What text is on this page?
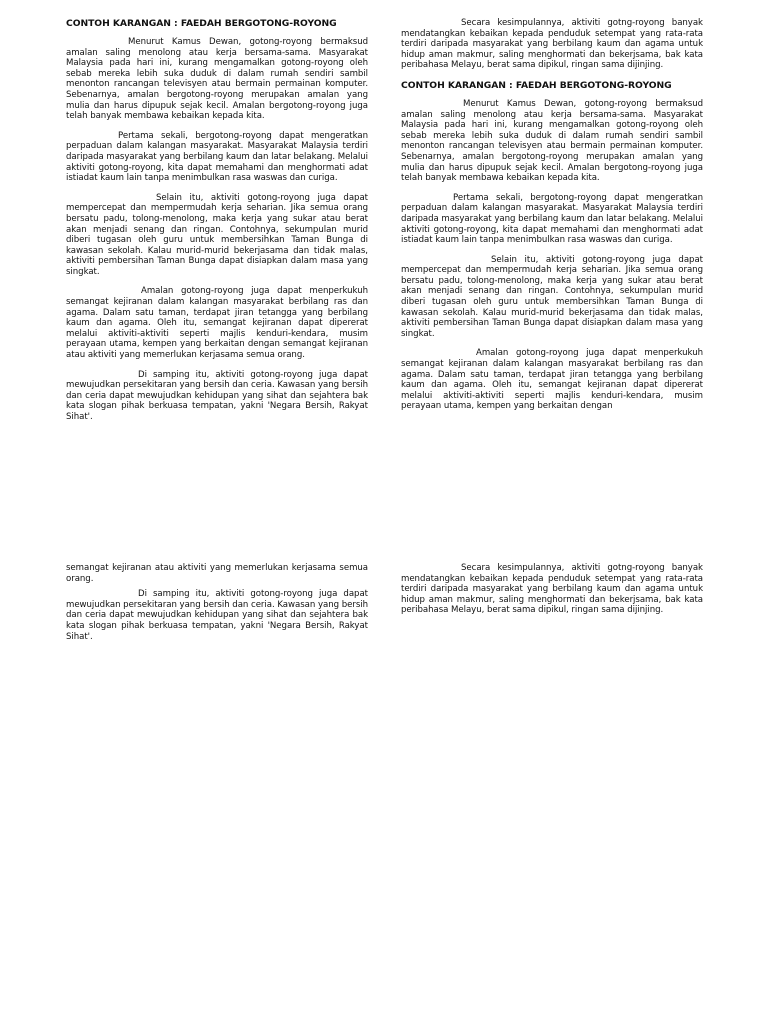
CONTOH KARANGAN : FAEDAH BERGOTONG-ROYONG

Menurut Kamus Dewan, gotong-royong bermaksud amalan saling menolong atau kerja bersama-sama. Masyarakat Malaysia pada hari ini, kurang mengamalkan gotong-royong oleh sebab mereka lebih suka duduk di dalam rumah sendiri sambil menonton rancangan televisyen atau bermain permainan komputer. Sebenarnya, amalan bergotong-royong merupakan amalan yang mulia dan harus dipupuk sejak kecil. Amalan bergotong-royong juga telah banyak membawa kebaikan kepada kita.

Pertama sekali, bergotong-royong dapat mengeratkan perpaduan dalam kalangan masyarakat. Masyarakat Malaysia terdiri daripada masyarakat yang berbilang kaum dan latar belakang. Melalui aktiviti gotong-royong, kita dapat memahami dan menghormati adat istiadat kaum lain tanpa menimbulkan rasa waswas dan curiga.

Selain itu, aktiviti gotong-royong juga dapat mempercepat dan mempermudah kerja seharian. Jika semua orang bersatu padu, tolong-menolong, maka kerja yang sukar atau berat akan menjadi senang dan ringan. Contohnya, sekumpulan murid diberi tugasan oleh guru untuk membersihkan Taman Bunga di kawasan sekolah. Kalau murid-murid bekerjasama dan tidak malas, aktiviti pembersihan Taman Bunga dapat disiapkan dalam masa yang singkat.

Amalan gotong-royong juga dapat menperkukuh semangat kejiranan dalam kalangan masyarakat berbilang ras dan agama. Dalam satu taman, terdapat jiran tetangga yang berbilang kaum dan agama. Oleh itu, semangat kejiranan dapat dipererat melalui aktiviti-aktiviti seperti majlis kenduri-kendara, musim perayaan utama, kempen yang berkaitan dengan semangat kejiranan atau aktiviti yang memerlukan kerjasama semua orang.

Di samping itu, aktiviti gotong-royong juga dapat mewujudkan persekitaran yang bersih dan ceria. Kawasan yang bersih dan ceria dapat mewujudkan kehidupan yang sihat dan sejahtera bak kata slogan pihak berkuasa tempatan, yakni 'Negara Bersih, Rakyat Sihat'.

Secara kesimpulannya, aktiviti gotng-royong banyak mendatangkan kebaikan kepada penduduk setempat yang rata-rata terdiri daripada masyarakat yang berbilang kaum dan agama untuk hidup aman makmur, saling menghormati dan bekerjsama, bak kata peribahasa Melayu, berat sama dipikul, ringan sama dijinjing.

CONTOH KARANGAN : FAEDAH BERGOTONG-ROYONG

Menurut Kamus Dewan, gotong-royong bermaksud amalan saling menolong atau kerja bersama-sama. Masyarakat Malaysia pada hari ini, kurang mengamalkan gotong-royong oleh sebab mereka lebih suka duduk di dalam rumah sendiri sambil menonton rancangan televisyen atau bermain permainan komputer. Sebenarnya, amalan bergotong-royong merupakan amalan yang mulia dan harus dipupuk sejak kecil. Amalan bergotong-royong juga telah banyak membawa kebaikan kepada kita.

Pertama sekali, bergotong-royong dapat mengeratkan perpaduan dalam kalangan masyarakat. Masyarakat Malaysia terdiri daripada masyarakat yang berbilang kaum dan latar belakang. Melalui aktiviti gotong-royong, kita dapat memahami dan menghormati adat istiadat kaum lain tanpa menimbulkan rasa waswas dan curiga.

Selain itu, aktiviti gotong-royong juga dapat mempercepat dan mempermudah kerja seharian. Jika semua orang bersatu padu, tolong-menolong, maka kerja yang sukar atau berat akan menjadi senang dan ringan. Contohnya, sekumpulan murid diberi tugasan oleh guru untuk membersihkan Taman Bunga di kawasan sekolah. Kalau murid-murid bekerjasama dan tidak malas, aktiviti pembersihan Taman Bunga dapat disiapkan dalam masa yang singkat.

Amalan gotong-royong juga dapat menperkukuh semangat kejiranan dalam kalangan masyarakat berbilang ras dan agama. Dalam satu taman, terdapat jiran tetangga yang berbilang kaum dan agama. Oleh itu, semangat kejiranan dapat dipererat melalui aktiviti-aktiviti seperti majlis kenduri-kendara, musim perayaan utama, kempen yang berkaitan dengan

semangat kejiranan atau aktiviti yang memerlukan kerjasama semua orang.

Di samping itu, aktiviti gotong-royong juga dapat mewujudkan persekitaran yang bersih dan ceria. Kawasan yang bersih dan ceria dapat mewujudkan kehidupan yang sihat dan sejahtera bak kata slogan pihak berkuasa tempatan, yakni 'Negara Bersih, Rakyat Sihat'.

Secara kesimpulannya, aktiviti gotng-royong banyak mendatangkan kebaikan kepada penduduk setempat yang rata-rata terdiri daripada masyarakat yang berbilang kaum dan agama untuk hidup aman makmur, saling menghormati dan bekerjsama, bak kata peribahasa Melayu, berat sama dipikul, ringan sama dijinjing.
